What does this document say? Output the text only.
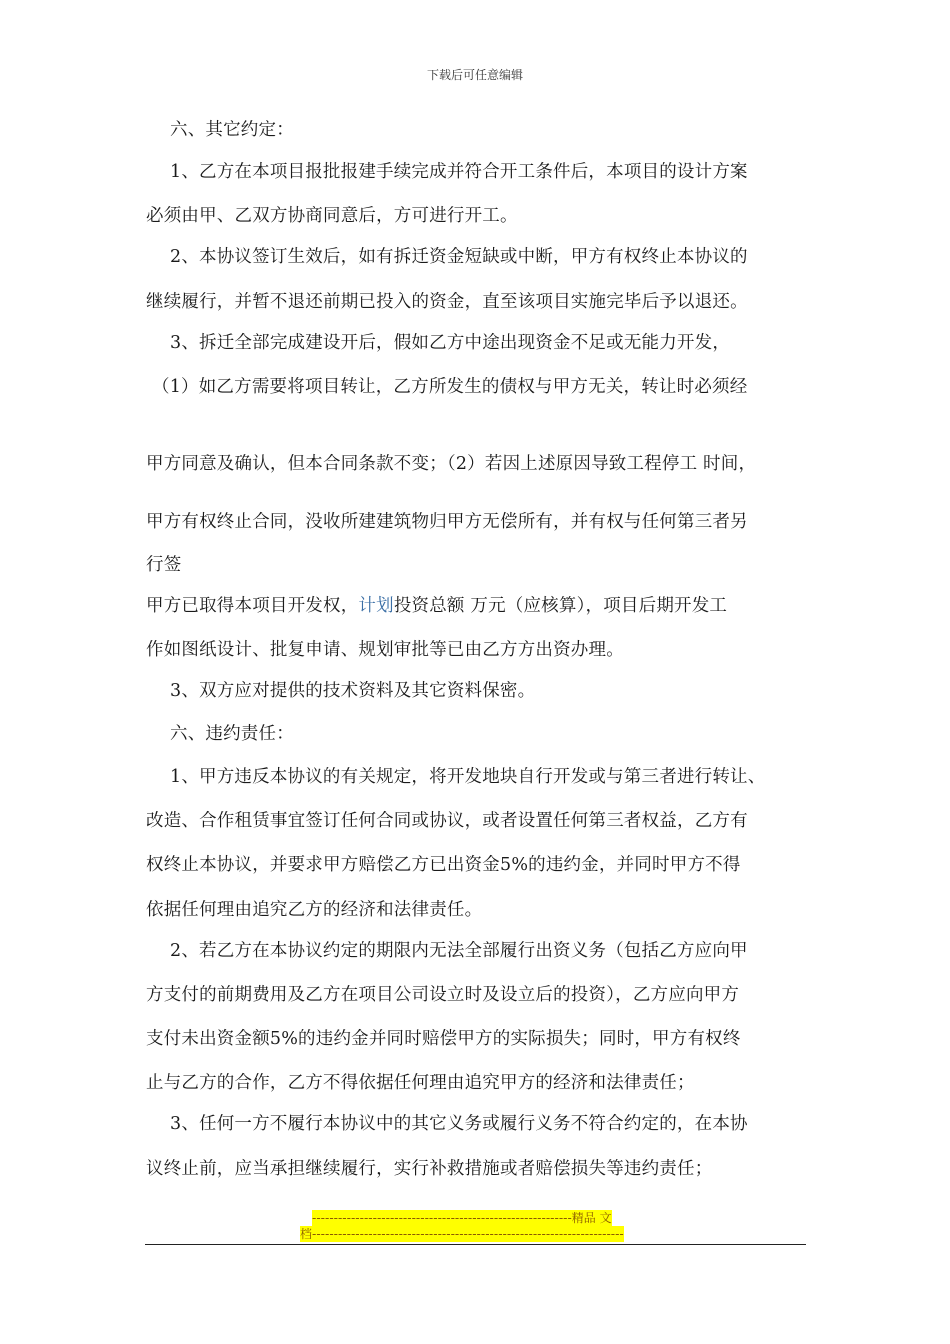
下载后可任意编辑
六、其它约定：
1、乙方在本项目报批报建手续完成并符合开工条件后，本项目的设计方案
必须由甲、乙双方协商同意后，方可进行开工。
2、本协议签订生效后，如有拆迁资金短缺或中断，甲方有权终止本协议的
继续履行，并暂不退还前期已投入的资金，直至该项目实施完毕后予以退还。
3、拆迁全部完成建设开后，假如乙方中途出现资金不足或无能力开发，
（1）如乙方需要将项目转让，乙方所发生的债权与甲方无关，转让时必须经
甲方同意及确认，但本合同条款不变；（2）若因上述原因导致工程停工 时间，
甲方有权终止合同，没收所建建筑物归甲方无偿所有，并有权与任何第三者另
行签
甲方已取得本项目开发权，计划投资总额 万元（应核算），项目后期开发工
作如图纸设计、批复申请、规划审批等已由乙方方出资办理。
3、双方应对提供的技术资料及其它资料保密。
六、违约责任：
1、甲方违反本协议的有关规定，将开发地块自行开发或与第三者进行转让、
改造、合作租赁事宜签订任何合同或协议，或者设置任何第三者权益，乙方有
权终止本协议，并要求甲方赔偿乙方已出资金5%的违约金，并同时甲方不得
依据任何理由追究乙方的经济和法律责任。
2、若乙方在本协议约定的期限内无法全部履行出资义务（包括乙方应向甲
方支付的前期费用及乙方在项目公司设立时及设立后的投资），乙方应向甲方
支付未出资金额5%的违约金并同时赔偿甲方的实际损失；同时，甲方有权终
止与乙方的合作，乙方不得依据任何理由追究甲方的经济和法律责任；
3、任何一方不履行本协议中的其它义务或履行义务不符合约定的，在本协
议终止前，应当承担继续履行，实行补救措施或者赔偿损失等违约责任；
------------------------------------------------------------精品 文
档------------------------------------------------------------------------
